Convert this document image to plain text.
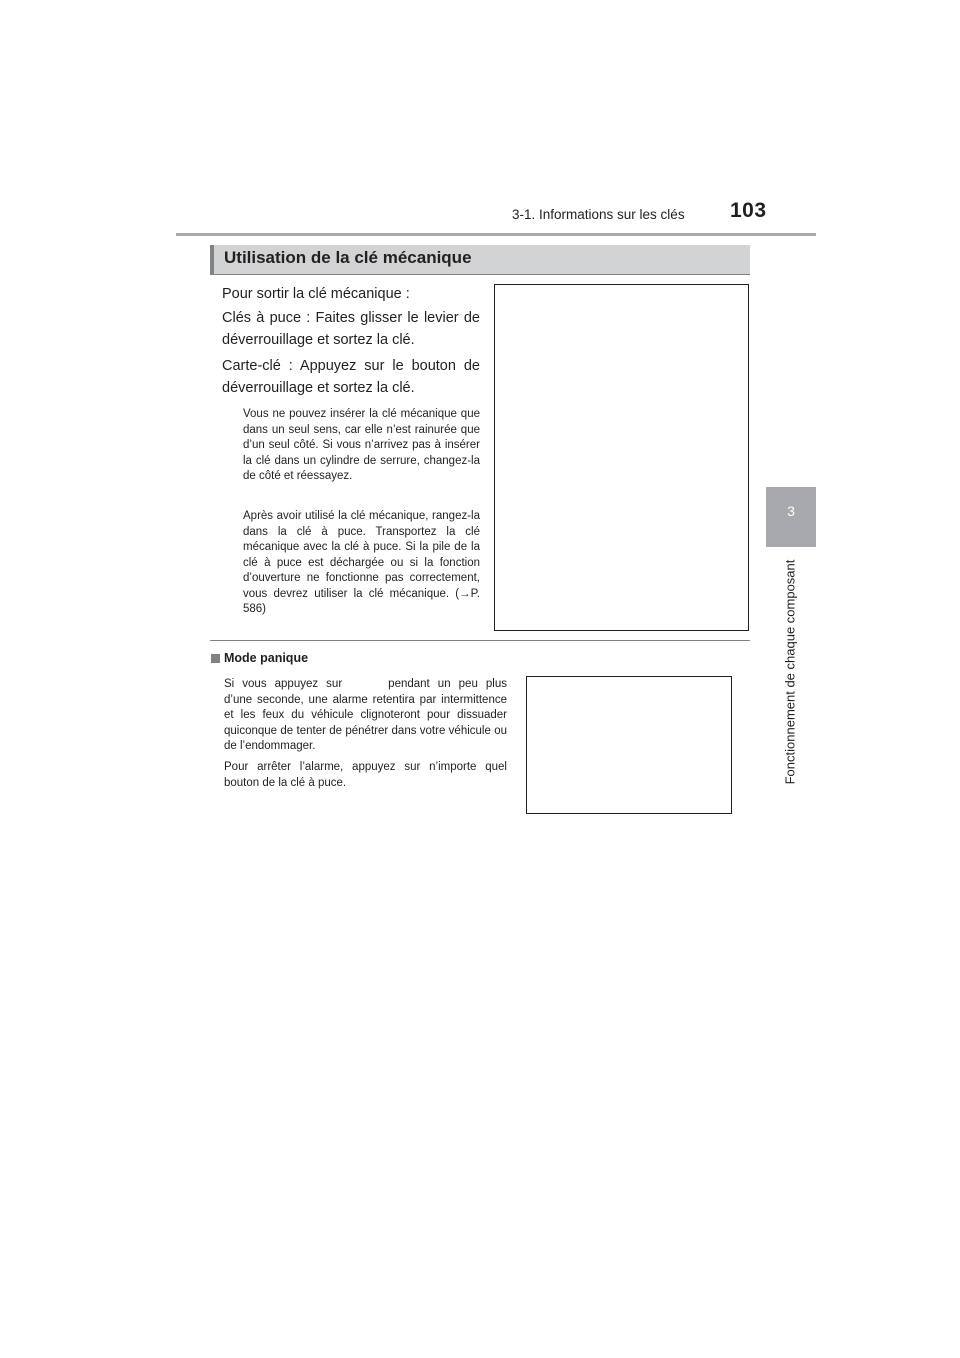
3-1. Informations sur les clés 103
3
Fonctionnement de chaque composant
Utilisation de la clé mécanique
Pour sortir la clé mécanique :
Clés à puce : Faites glisser le levier de déverrouillage et sortez la clé.
Carte-clé : Appuyez sur le bouton de déverrouillage et sortez la clé.
Vous ne pouvez insérer la clé mécanique que dans un seul sens, car elle n’est rainurée que d’un seul côté. Si vous n’arrivez pas à insérer la clé dans un cylindre de serrure, changez-la de côté et réessayez.
Après avoir utilisé la clé mécanique, rangez-la dans la clé à puce. Transportez la clé mécanique avec la clé à puce. Si la pile de la clé à puce est déchargée ou si la fonction d’ouverture ne fonctionne pas correctement, vous devrez utiliser la clé mécanique. (→P. 586)
Mode panique
Si vous appuyez sur	pendant un peu plus d’une seconde, une alarme retentira par intermittence et les feux du véhicule clignoteront pour dissuader quiconque de tenter de pénétrer dans votre véhicule ou de l’endommager.
Pour arrêter l’alarme, appuyez sur n’importe quel bouton de la clé à puce.
